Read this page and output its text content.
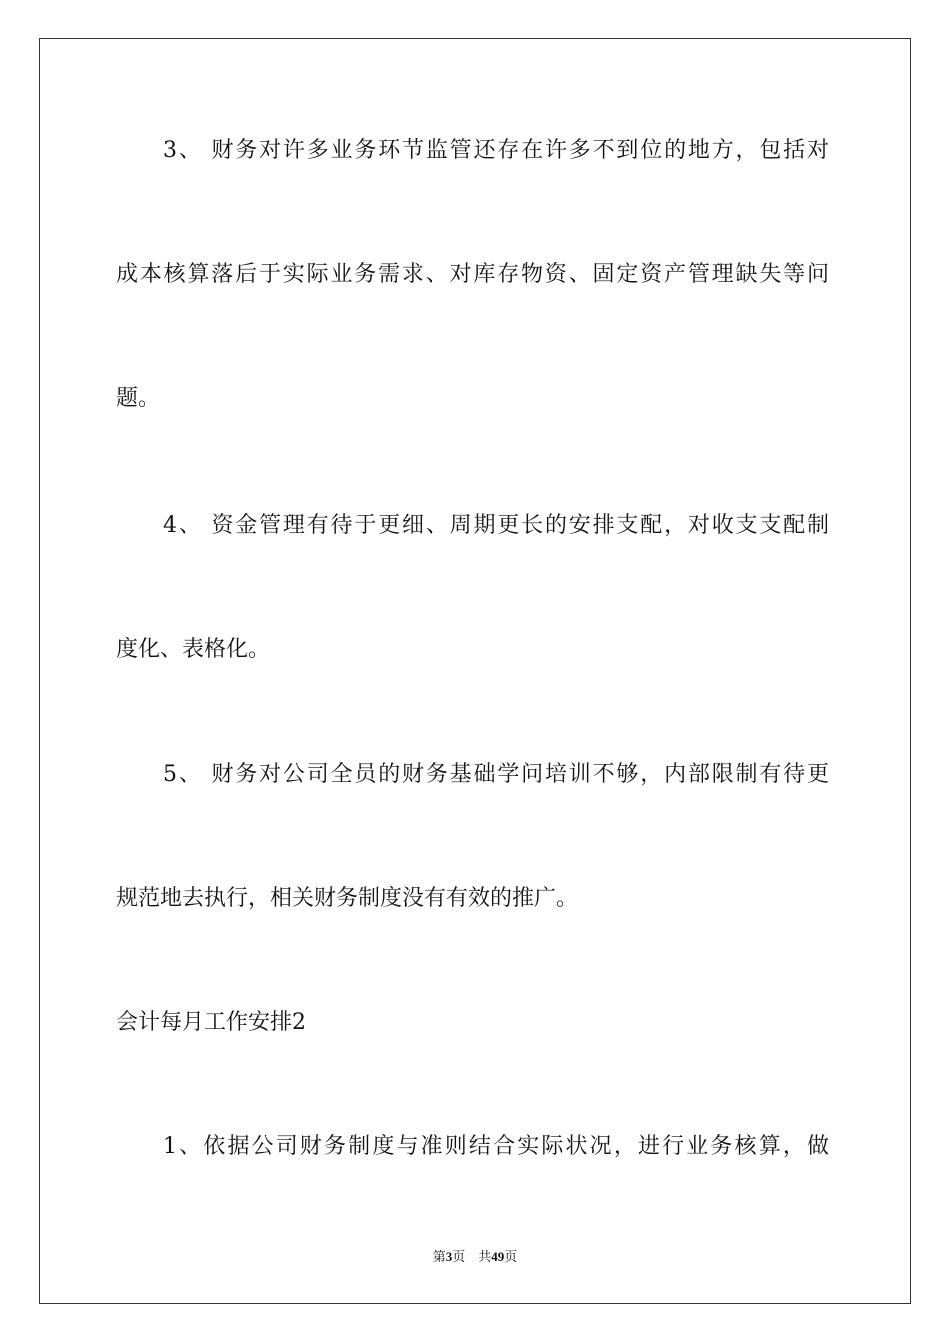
3、 财务对许多业务环节监管还存在许多不到位的地方，包括对

成本核算落后于实际业务需求、对库存物资、固定资产管理缺失等问

题。

4、 资金管理有待于更细、周期更长的安排支配，对收支支配制

度化、表格化。

5、 财务对公司全员的财务基础学问培训不够，内部限制有待更

规范地去执行，相关财务制度没有有效的推广。

会计每月工作安排2

1、依据公司财务制度与准则结合实际状况，进行业务核算，做

第3页　共49页
